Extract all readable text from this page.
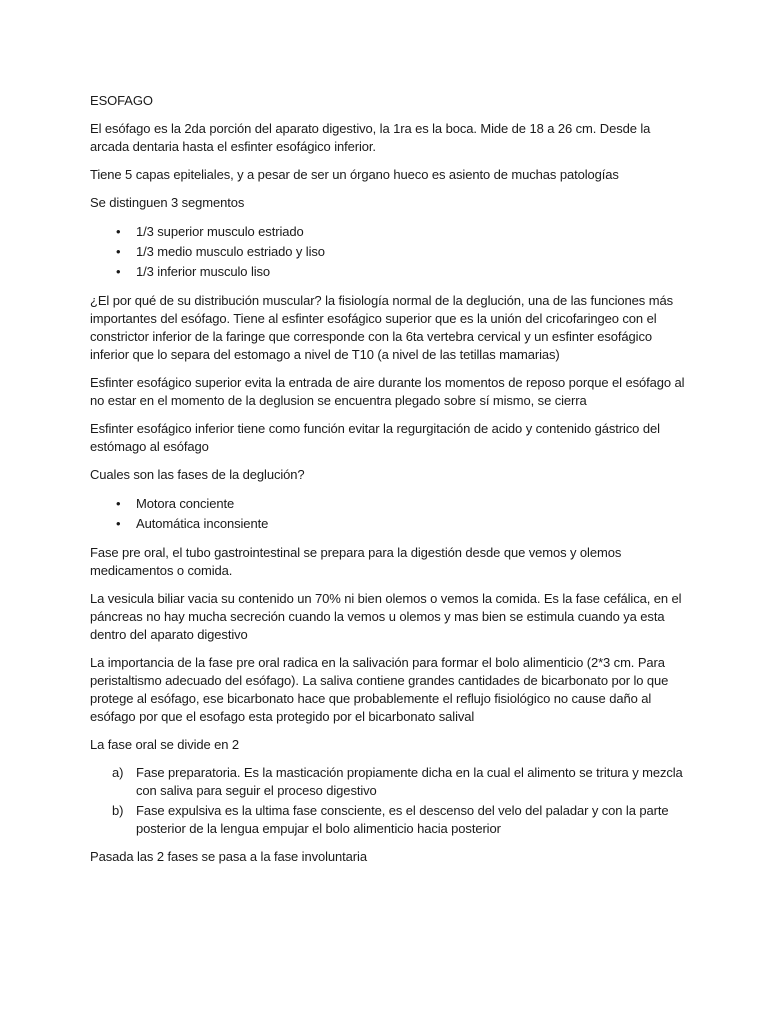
ESOFAGO

El esófago es la 2da porción del aparato digestivo, la 1ra es la boca. Mide de 18 a 26 cm. Desde la arcada dentaria hasta el esfinter esofágico inferior.

Tiene 5 capas epiteliales, y a pesar de ser un órgano hueco es asiento de muchas patologías

Se distinguen 3 segmentos

• 1/3 superior musculo estriado
• 1/3 medio musculo estriado y liso
• 1/3 inferior musculo liso

¿El por qué de su distribución muscular? la fisiología normal de la deglución, una de las funciones más importantes del esófago. Tiene al esfinter esofágico superior que es la unión del cricofaringeo con el constrictor inferior de la faringe que corresponde con la 6ta vertebra cervical y un esfinter esofágico inferior que lo separa del estomago a nivel de T10 (a nivel de las tetillas mamarias)

Esfinter esofágico superior evita la entrada de aire durante los momentos de reposo porque el esófago al no estar en el momento de la deglusion se encuentra plegado sobre sí mismo, se cierra

Esfinter esofágico inferior tiene como función evitar la regurgitación de acido y contenido gástrico del estómago al esófago

Cuales son las fases de la deglución?

• Motora conciente
• Automática inconsiente

Fase pre oral, el tubo gastrointestinal se prepara para la digestión desde que vemos y olemos medicamentos o comida.

La vesicula biliar vacia su contenido un 70% ni bien olemos o vemos la comida. Es la fase cefálica, en el páncreas no hay mucha secreción cuando la vemos u olemos y mas bien se estimula cuando ya esta dentro del aparato digestivo

La importancia de la fase pre oral radica en la salivación para formar el bolo alimenticio (2*3 cm. Para peristaltismo adecuado del esófago). La saliva contiene grandes cantidades de bicarbonato por lo que protege al esófago, ese bicarbonato hace que probablemente el reflujo fisiológico no cause daño al esófago por que el esofago esta protegido por el bicarbonato salival

La fase oral se divide en 2

a) Fase preparatoria. Es la masticación propiamente dicha en la cual el alimento se tritura y mezcla con saliva para seguir el proceso digestivo
b) Fase expulsiva es la ultima fase consciente, es el descenso del velo del paladar y con la parte posterior de la lengua empujar el bolo alimenticio hacia posterior

Pasada las 2 fases se pasa a la fase involuntaria
